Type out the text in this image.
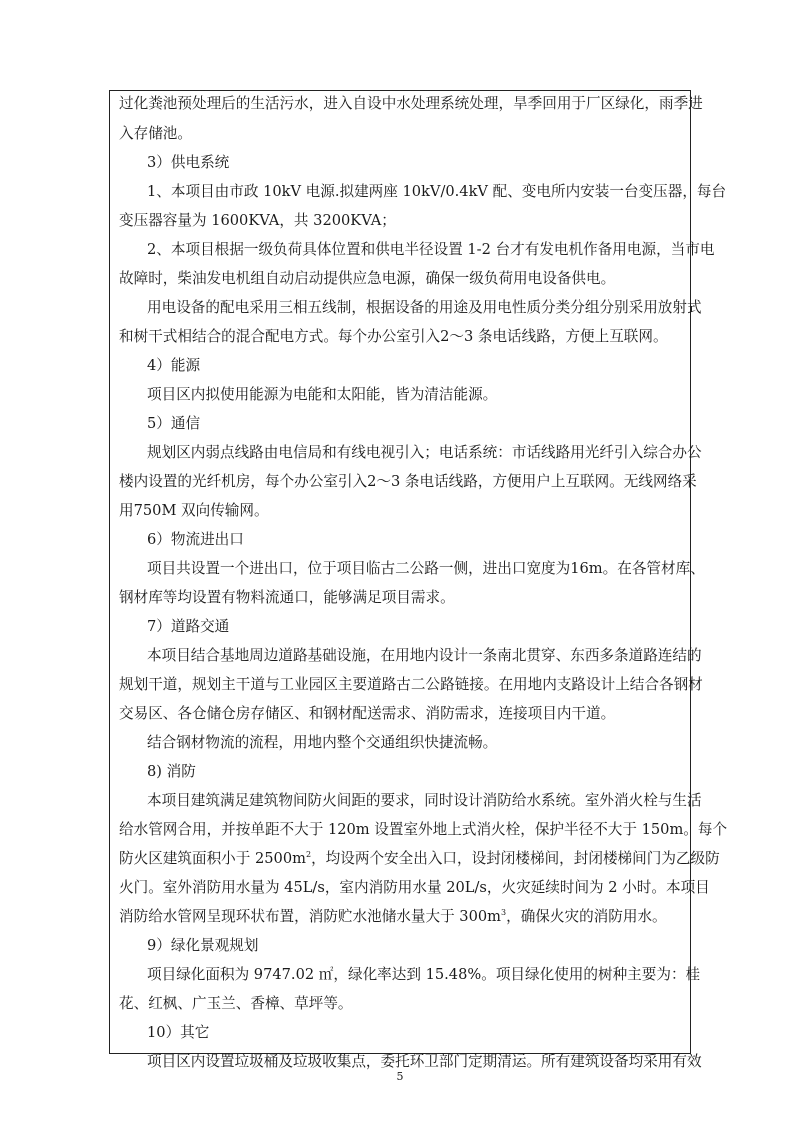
过化粪池预处理后的生活污水，进入自设中水处理系统处理，旱季回用于厂区绿化，雨季进
入存储池。
3）供电系统
1、本项目由市政 10kV 电源.拟建两座 10kV/0.4kV 配、变电所内安装一台变压器，每台
变压器容量为 1600KVA，共 3200KVA；
2、本项目根据一级负荷具体位置和供电半径设置 1-2 台才有发电机作备用电源，当市电
故障时，柴油发电机组自动启动提供应急电源，确保一级负荷用电设备供电。
用电设备的配电采用三相五线制，根据设备的用途及用电性质分类分组分别采用放射式
和树干式相结合的混合配电方式。每个办公室引入2～3 条电话线路，方便上互联网。
4）能源
项目区内拟使用能源为电能和太阳能，皆为清洁能源。
5）通信
规划区内弱点线路由电信局和有线电视引入；电话系统：市话线路用光纤引入综合办公
楼内设置的光纤机房，每个办公室引入2～3 条电话线路，方便用户上互联网。无线网络采
用750M 双向传输网。
6）物流进出口
项目共设置一个进出口，位于项目临古二公路一侧，进出口宽度为16m。在各管材库、
钢材库等均设置有物料流通口，能够满足项目需求。
7）道路交通
本项目结合基地周边道路基础设施，在用地内设计一条南北贯穿、东西多条道路连结的
规划干道，规划主干道与工业园区主要道路古二公路链接。在用地内支路设计上结合各钢材
交易区、各仓储仓房存储区、和钢材配送需求、消防需求，连接项目内干道。
结合钢材物流的流程，用地内整个交通组织快捷流畅。
8) 消防
本项目建筑满足建筑物间防火间距的要求，同时设计消防给水系统。室外消火栓与生活
给水管网合用，并按单距不大于 120m 设置室外地上式消火栓，保护半径不大于 150m。每个
防火区建筑面积小于 $2500m^2$，均设两个安全出入口，设封闭楼梯间，封闭楼梯间门为乙级防
火门。室外消防用水量为 45L/s，室内消防用水量 20L/s，火灾延续时间为 2 小时。本项目
消防给水管网呈现环状布置，消防贮水池储水量大于 $300m^3$，确保火灾的消防用水。
9）绿化景观规划
项目绿化面积为 9747.02 ㎡，绿化率达到 15.48%。项目绿化使用的树种主要为：桂
花、红枫、广玉兰、香樟、草坪等。
10）其它
项目区内设置垃圾桶及垃圾收集点，委托环卫部门定期清运。所有建筑设备均采用有效
5
